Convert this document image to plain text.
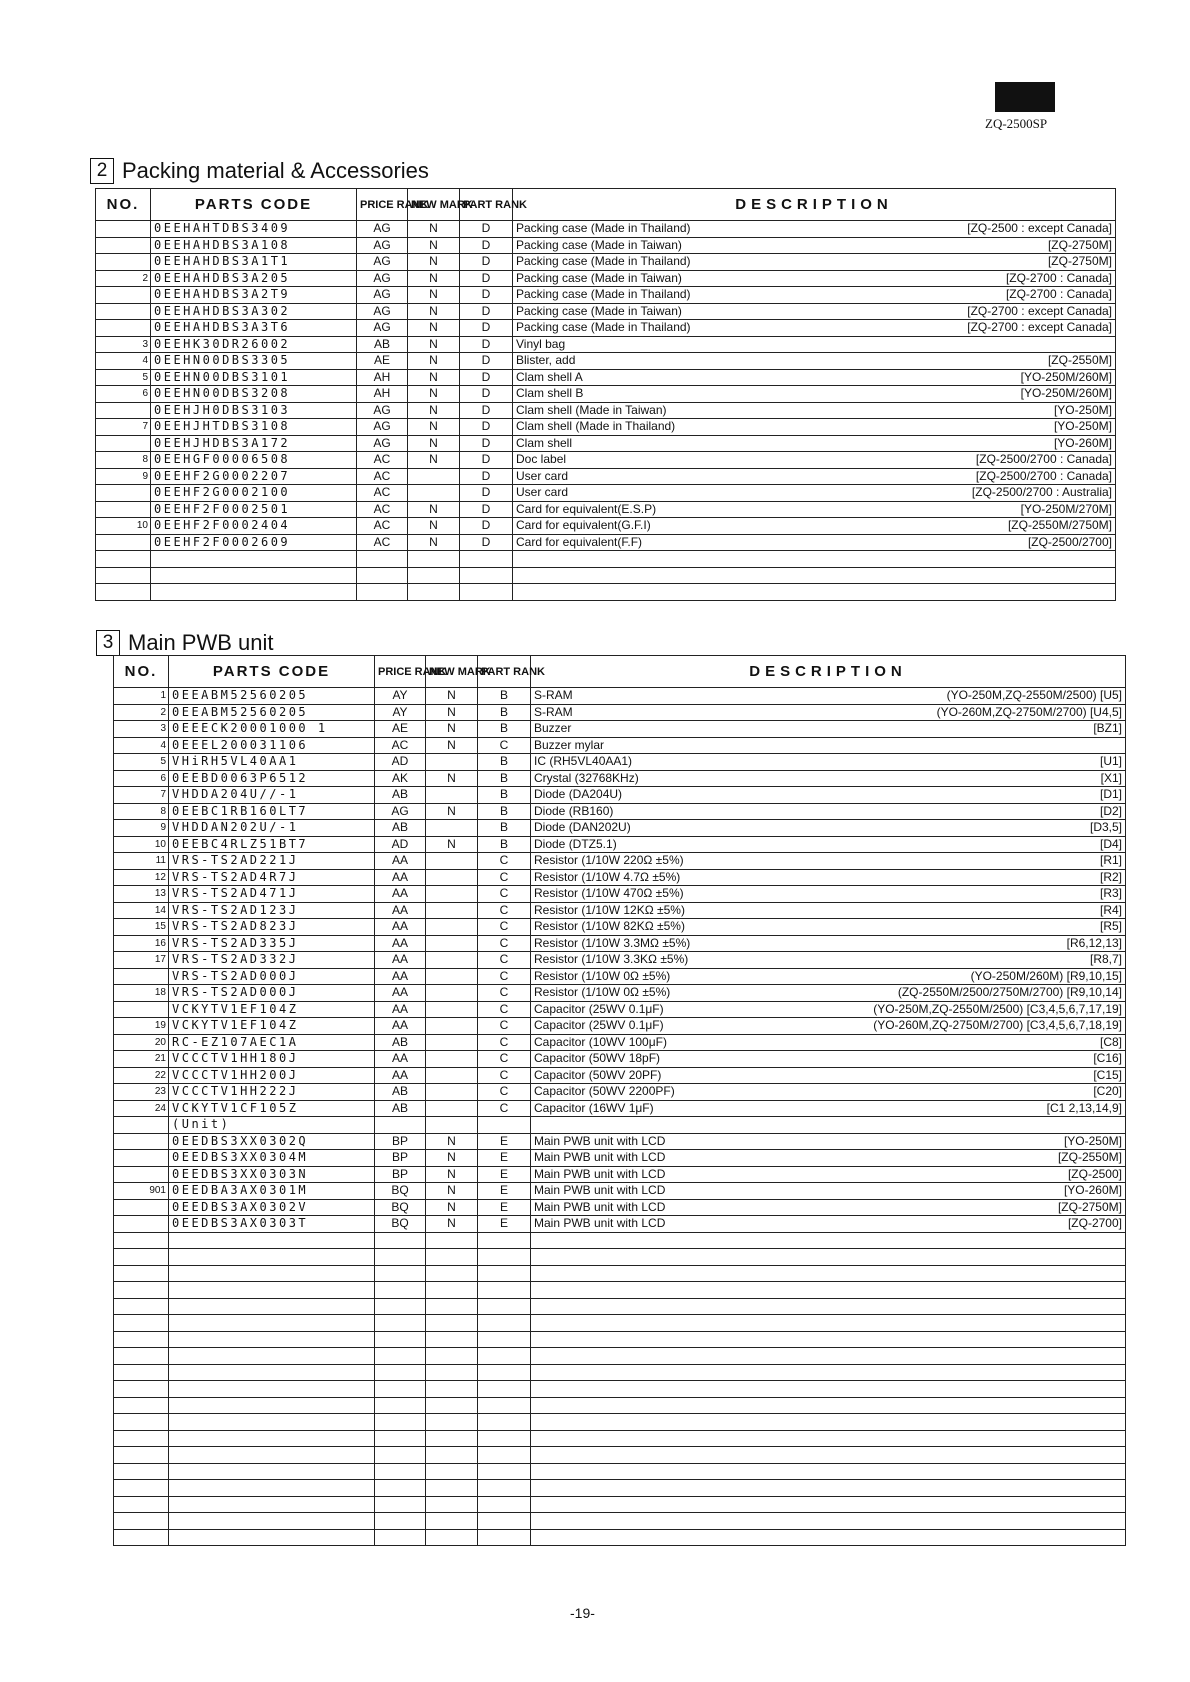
ZQ-2500SP
2 Packing material & Accessories
NO.	PARTS CODE	PRICE RANK	NEW MARK	PART RANK	DESCRIPTION
	0EEHAHTDBS3409	AG	N	D	Packing case (Made in Thailand) [ZQ-2500 : except Canada]

	0EEHAHDBS3A108	AG	N	D	Packing case (Made in Taiwan) [ZQ-2750M]

	0EEHAHDBS3A1T1	AG	N	D	Packing case (Made in Thailand) [ZQ-2750M]

2	0EEHAHDBS3A205	AG	N	D	Packing case (Made in Taiwan) [ZQ-2700 : Canada]

	0EEHAHDBS3A2T9	AG	N	D	Packing case (Made in Thailand) [ZQ-2700 : Canada]

	0EEHAHDBS3A302	AG	N	D	Packing case (Made in Taiwan) [ZQ-2700 : except Canada]

	0EEHAHDBS3A3T6	AG	N	D	Packing case (Made in Thailand) [ZQ-2700 : except Canada]

3	0EEHK30DR26002	AB	N	D	Vinyl bag

4	0EEHN00DBS3305	AE	N	D	Blister, add [ZQ-2550M]

5	0EEHN00DBS3101	AH	N	D	Clam shell A [YO-250M/260M]

6	0EEHN00DBS3208	AH	N	D	Clam shell B [YO-250M/260M]

	0EEHJH0DBS3103	AG	N	D	Clam shell (Made in Taiwan) [YO-250M]

7	0EEHJHTDBS3108	AG	N	D	Clam shell (Made in Thailand) [YO-250M]

	0EEHJHDBS3A172	AG	N	D	Clam shell [YO-260M]

8	0EEHGF00006508	AC	N	D	Doc label [ZQ-2500/2700 : Canada]

9	0EEHF2G0002207	AC		D	User card [ZQ-2500/2700 : Canada]

	0EEHF2G0002100	AC		D	User card [ZQ-2500/2700 : Australia]

	0EEHF2F0002501	AC	N	D	Card for equivalent(E.S.P) [YO-250M/270M]

10	0EEHF2F0002404	AC	N	D	Card for equivalent(G.F.I) [ZQ-2550M/2750M]

	0EEHF2F0002609	AC	N	D	Card for equivalent(F.F) [ZQ-2500/2700]

3 Main PWB unit
NO.	PARTS CODE	PRICE RANK	NEW MARK	PART RANK	DESCRIPTION
1	0EEABM52560205	AY	N	B	S-RAM (YO-250M,ZQ-2550M/2500) [U5]

2	0EEABM52560205	AY	N	B	S-RAM (YO-260M,ZQ-2750M/2700) [U4,5]

3	0EEECK20001000 1	AE	N	B	Buzzer [BZ1]

4	0EEEL200031106	AC	N	C	Buzzer mylar

5	VHiRH5VL40AA1	AD		B	IC (RH5VL40AA1) [U1]

6	0EEBD0063P6512	AK	N	B	Crystal (32768KHz) [X1]

7	VHDDA204U//-1	AB		B	Diode (DA204U) [D1]

8	0EEBC1RB160LT7	AG	N	B	Diode (RB160) [D2]

9	VHDDAN202U/-1	AB		B	Diode (DAN202U) [D3,5]

10	0EEBC4RLZ51BT7	AD	N	B	Diode (DTZ5.1) [D4]

11	VRS-TS2AD221J	AA		C	Resistor (1/10W 220Ω ±5%) [R1]

12	VRS-TS2AD4R7J	AA		C	Resistor (1/10W 4.7Ω ±5%) [R2]

13	VRS-TS2AD471J	AA		C	Resistor (1/10W 470Ω ±5%) [R3]

14	VRS-TS2AD123J	AA		C	Resistor (1/10W 12KΩ ±5%) [R4]

15	VRS-TS2AD823J	AA		C	Resistor (1/10W 82KΩ ±5%) [R5]

16	VRS-TS2AD335J	AA		C	Resistor (1/10W 3.3MΩ ±5%) [R6,12,13]

17	VRS-TS2AD332J	AA		C	Resistor (1/10W 3.3KΩ ±5%) [R8,7]

	VRS-TS2AD000J	AA		C	Resistor (1/10W 0Ω ±5%) (YO-250M/260M) [R9,10,15]

18	VRS-TS2AD000J	AA		C	Resistor (1/10W 0Ω ±5%) (ZQ-2550M/2500/2750M/2700) [R9,10,14]

	VCKYTV1EF104Z	AA		C	Capacitor (25WV 0.1μF) (YO-250M,ZQ-2550M/2500) [C3,4,5,6,7,17,19]

19	VCKYTV1EF104Z	AA		C	Capacitor (25WV 0.1μF) (YO-260M,ZQ-2750M/2700) [C3,4,5,6,7,18,19]

20	RC-EZ107AEC1A	AB		C	Capacitor (10WV 100μF) [C8]

21	VCCCTV1HH180J	AA		C	Capacitor (50WV 18pF) [C16]

22	VCCCTV1HH200J	AA		C	Capacitor (50WV 20PF) [C15]

23	VCCCTV1HH222J	AB		C	Capacitor (50WV 2200PF) [C20]

24	VCKYTV1CF105Z	AB		C	Capacitor (16WV 1μF) [C1 2,13,14,9]

	(Unit)				

	0EEDBS3XX0302Q	BP	N	E	Main PWB unit with LCD [YO-250M]

	0EEDBS3XX0304M	BP	N	E	Main PWB unit with LCD [ZQ-2550M]

	0EEDBS3XX0303N	BP	N	E	Main PWB unit with LCD [ZQ-2500]

901	0EEDBA3AX0301M	BQ	N	E	Main PWB unit with LCD [YO-260M]

	0EEDBS3AX0302V	BQ	N	E	Main PWB unit with LCD [ZQ-2750M]

	0EEDBS3AX0303T	BQ	N	E	Main PWB unit with LCD [ZQ-2700]

-19-
